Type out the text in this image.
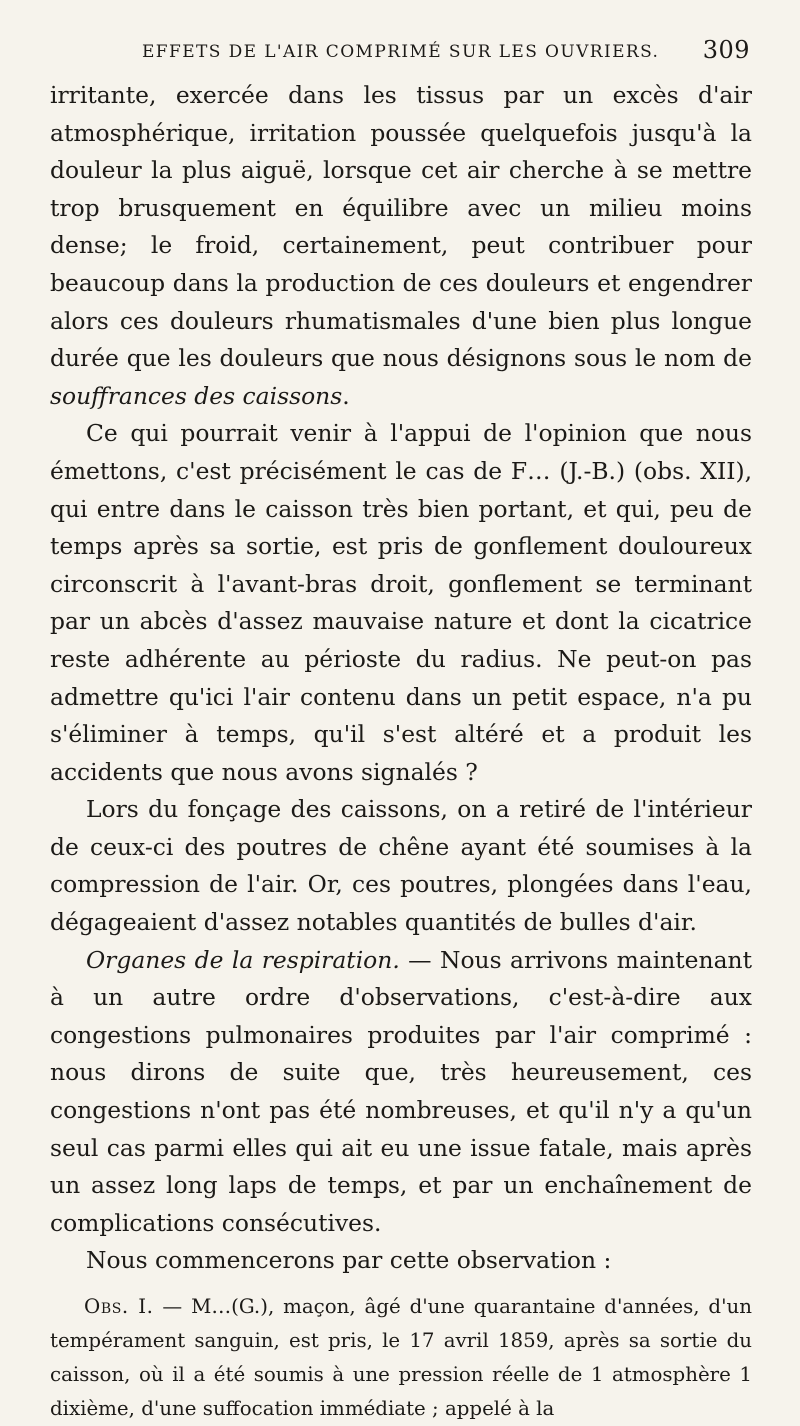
EFFETS DE L'AIR COMPRIMÉ SUR LES OUVRIERS. 309

irritante, exercée dans les tissus par un excès d'air atmosphérique, irritation poussée quelquefois jusqu'à la douleur la plus aiguë, lorsque cet air cherche à se mettre trop brusquement en équilibre avec un milieu moins dense; le froid, certainement, peut contribuer pour beaucoup dans la production de ces douleurs et engendrer alors ces douleurs rhumatismales d'une bien plus longue durée que les douleurs que nous désignons sous le nom de souffrances des caissons.

Ce qui pourrait venir à l'appui de l'opinion que nous émettons, c'est précisément le cas de F… (J.-B.) (obs. XII), qui entre dans le caisson très bien portant, et qui, peu de temps après sa sortie, est pris de gonflement douloureux circonscrit à l'avant-bras droit, gonflement se terminant par un abcès d'assez mauvaise nature et dont la cicatrice reste adhérente au périoste du radius. Ne peut-on pas admettre qu'ici l'air contenu dans un petit espace, n'a pu s'éliminer à temps, qu'il s'est altéré et a produit les accidents que nous avons signalés ?

Lors du fonçage des caissons, on a retiré de l'intérieur de ceux-ci des poutres de chêne ayant été soumises à la compression de l'air. Or, ces poutres, plongées dans l'eau, dégageaient d'assez notables quantités de bulles d'air.

Organes de la respiration. — Nous arrivons maintenant à un autre ordre d'observations, c'est-à-dire aux congestions pulmonaires produites par l'air comprimé : nous dirons de suite que, très heureusement, ces congestions n'ont pas été nombreuses, et qu'il n'y a qu'un seul cas parmi elles qui ait eu une issue fatale, mais après un assez long laps de temps, et par un enchaînement de complications consécutives.

Nous commencerons par cette observation :

Obs. I. — M…(G.), maçon, âgé d'une quarantaine d'années, d'un tempérament sanguin, est pris, le 17 avril 1859, après sa sortie du caisson, où il a été soumis à une pression réelle de 1 atmosphère 1 dixième, d'une suffocation immédiate ; appelé à la
